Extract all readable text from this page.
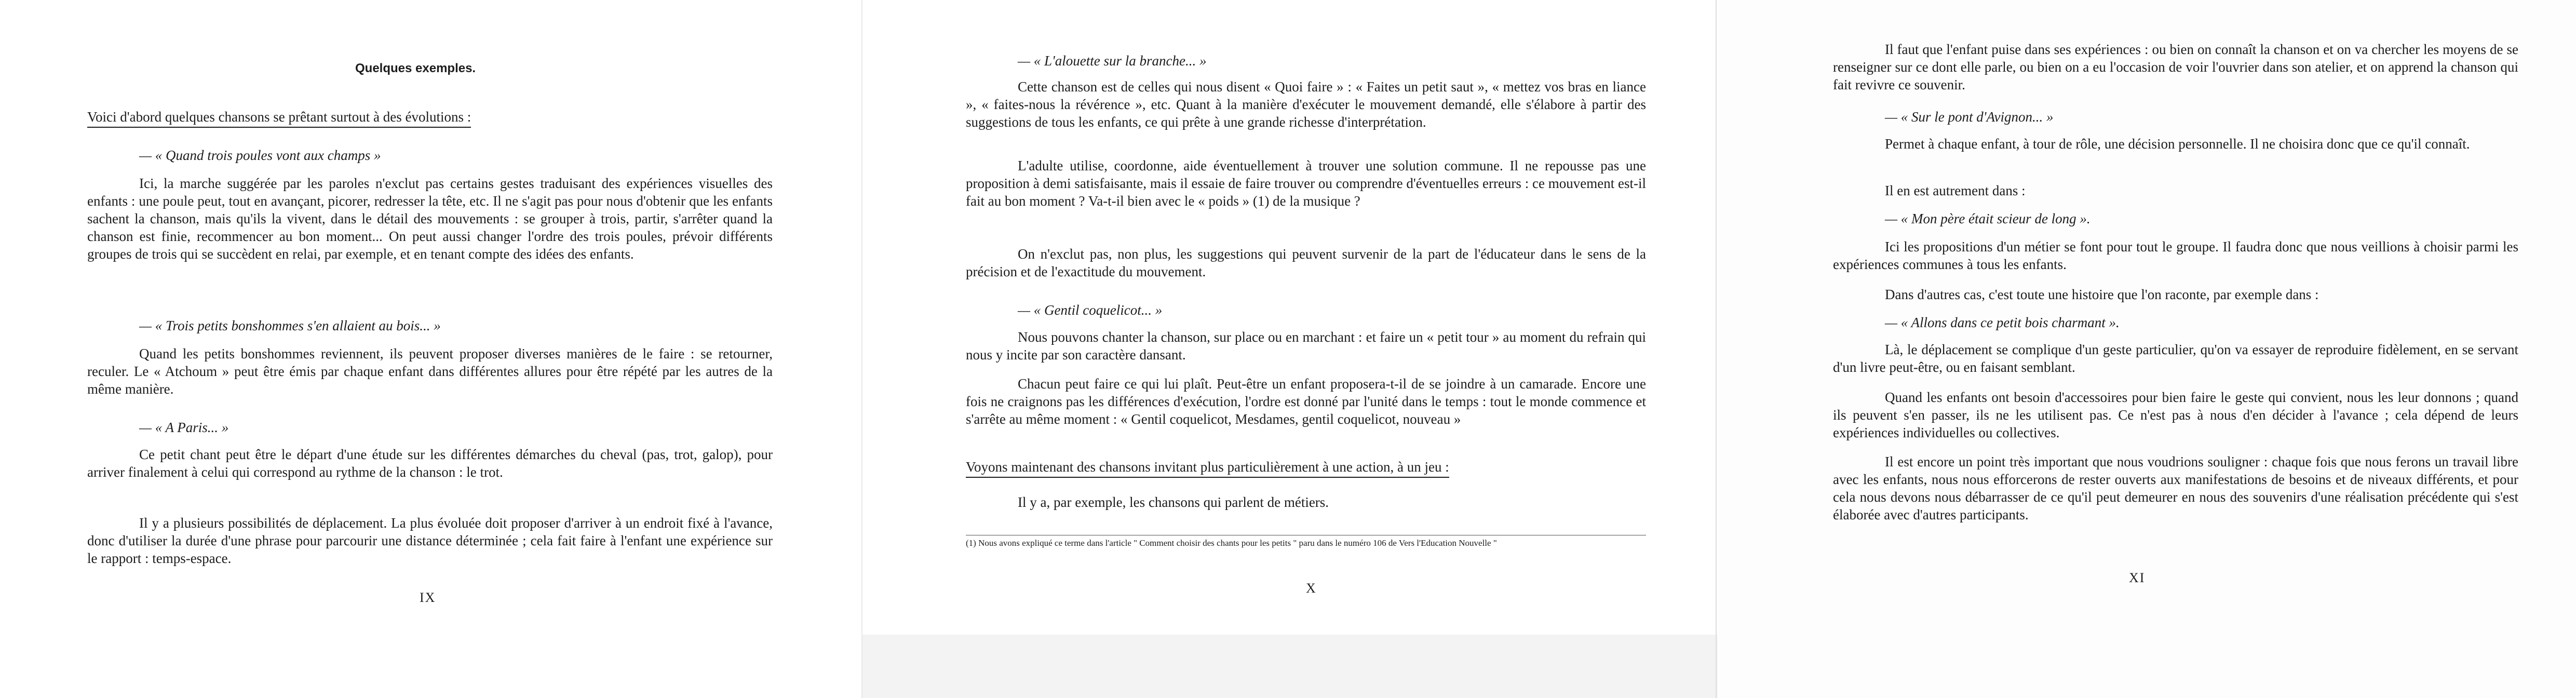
Quelques exemples.
Voici d'abord quelques chansons se prêtant surtout à des évolutions :
— « Quand trois poules vont aux champs »

Ici, la marche suggérée par les paroles n'exclut pas certains gestes traduisant des expériences visuelles des enfants : une poule peut, tout en avançant, picorer, redresser la tête, etc. Il ne s'agit pas pour nous d'obtenir que les enfants sachent la chanson, mais qu'ils la vivent, dans le détail des mouvements : se grouper à trois, partir, s'arrêter quand la chanson est finie, recommencer au bon moment... On peut aussi changer l'ordre des trois poules, prévoir différents groupes de trois qui se succèdent en relai, par exemple, et en tenant compte des idées des enfants.

— « Trois petits bonshommes s'en allaient au bois... »

Quand les petits bonshommes reviennent, ils peuvent proposer diverses manières de le faire : se retourner, reculer. Le « Atchoum » peut être émis par chaque enfant dans différentes allures pour être répété par les autres de la même manière.

— « A Paris... »

Ce petit chant peut être le départ d'une étude sur les différentes démarches du cheval (pas, trot, galop), pour arriver finalement à celui qui correspond au rythme de la chanson : le trot.

Il y a plusieurs possibilités de déplacement. La plus évoluée doit proposer d'arriver à un endroit fixé à l'avance, donc d'utiliser la durée d'une phrase pour parcourir une distance déterminée ; cela fait faire à l'enfant une expérience sur le rapport : temps-espace.

IX
— « L'alouette sur la branche... »

Cette chanson est de celles qui nous disent « Quoi faire » : « Faites un petit saut », « mettez vos bras en liance », « faites-nous la révérence », etc. Quant à la manière d'exécuter le mouvement demandé, elle s'élabore à partir des suggestions de tous les enfants, ce qui prête à une grande richesse d'interprétation.

L'adulte utilise, coordonne, aide éventuellement à trouver une solution commune. Il ne repousse pas une proposition à demi satisfaisante, mais il essaie de faire trouver ou comprendre d'éventuelles erreurs : ce mouvement est-il fait au bon moment ? Va-t-il bien avec le « poids » (1) de la musique ?

On n'exclut pas, non plus, les suggestions qui peuvent survenir de la part de l'éducateur dans le sens de la précision et de l'exactitude du mouvement.

— « Gentil coquelicot... »

Nous pouvons chanter la chanson, sur place ou en marchant : et faire un « petit tour » au moment du refrain qui nous y incite par son caractère dansant.

Chacun peut faire ce qui lui plaît. Peut-être un enfant proposera-t-il de se joindre à un camarade. Encore une fois ne craignons pas les différences d'exécution, l'ordre est donné par l'unité dans le temps : tout le monde commence et s'arrête au même moment : « Gentil coquelicot, Mesdames, gentil coquelicot, nouveau »

Voyons maintenant des chansons invitant plus particulièrement à une action, à un jeu :

Il y a, par exemple, les chansons qui parlent de métiers.

(1) Nous avons expliqué ce terme dans l'article " Comment choisir des chants pour les petits " paru dans le numéro 106 de Vers l'Education Nouvelle "

X

Il faut que l'enfant puise dans ses expériences : ou bien on connaît la chanson et on va chercher les moyens de se renseigner sur ce dont elle parle, ou bien on a eu l'occasion de voir l'ouvrier dans son atelier, et on apprend la chanson qui fait revivre ce souvenir.

— « Sur le pont d'Avignon... »

Permet à chaque enfant, à tour de rôle, une décision personnelle. Il ne choisira donc que ce qu'il connaît.

Il en est autrement dans :

— « Mon père était scieur de long ».

Ici les propositions d'un métier se font pour tout le groupe. Il faudra donc que nous veillions à choisir parmi les expériences communes à tous les enfants.

Dans d'autres cas, c'est toute une histoire que l'on raconte, par exemple dans :

— « Allons dans ce petit bois charmant ».

Là, le déplacement se complique d'un geste particulier, qu'on va essayer de reproduire fidèlement, en se servant d'un livre peut-être, ou en faisant semblant.

Quand les enfants ont besoin d'accessoires pour bien faire le geste qui convient, nous les leur donnons ; quand ils peuvent s'en passer, ils ne les utilisent pas. Ce n'est pas à nous d'en décider à l'avance ; cela dépend de leurs expériences individuelles ou collectives.

Il est encore un point très important que nous voudrions souligner : chaque fois que nous ferons un travail libre avec les enfants, nous nous efforcerons de rester ouverts aux manifestations de besoins et de niveaux différents, et pour cela nous devons nous débarrasser de ce qu'il peut demeurer en nous des souvenirs d'une réalisation précédente qui s'est élaborée avec d'autres participants.

XI
